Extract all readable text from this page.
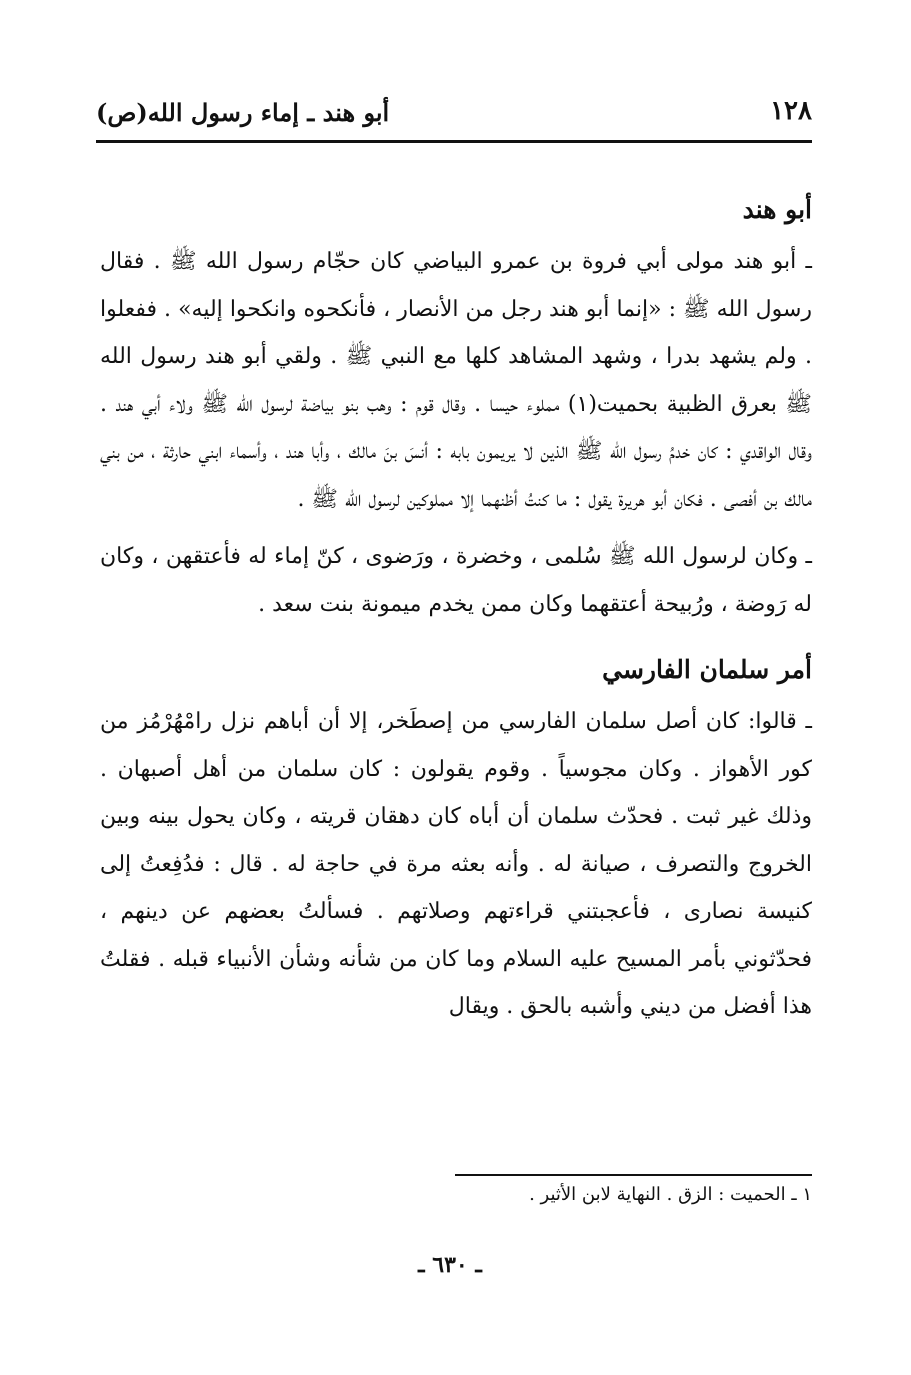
١٢٨
أبو هند ـ إماء رسول الله(ص)
أبو هند

ـ أبو هند مولى أبي فروة بن عمرو البياضي كان حجّام رسول الله ﷺ . فقال رسول الله ﷺ : «إنما أبو هند رجل من الأنصار ، فأنكحوه وانكحوا إليه» . ففعلوا . ولم يشهد بدرا ، وشهد المشاهد كلها مع النبي ﷺ . ولقي أبو هند رسول الله ﷺ بعرق الظبية بحميت(١) مملوء حيسا . وقال قوم : وهب بنو بياضة لرسول الله ﷺ ولاء أبي هند . وقال الواقدي : كان خدمُ رسول الله ﷺ الذين لا يريمون بابه : أنسَ بنَ مالك ، وأبا هند ، وأسماء ابني حارثة ، من بني مالك بن أفصى . فكان أبو هريرة يقول : ما كنتُ أظنهما إلا مملوكين لرسول الله ﷺ .

ـ وكان لرسول الله ﷺ سُلمى ، وخضرة ، ورَضوى ، كنّ إماء له فأعتقهن ، وكان له رَوضة ، ورُبيحة أعتقهما وكان ممن يخدم ميمونة بنت سعد .

أمر سلمان الفارسي

ـ قالوا: كان أصل سلمان الفارسي من إصطَخر، إلا أن أباهم نزل رامْهُرْمُز من كور الأهواز . وكان مجوسياً . وقوم يقولون : كان سلمان من أهل أصبهان . وذلك غير ثبت . فحدّث سلمان أن أباه كان دهقان قريته ، وكان يحول بينه وبين الخروج والتصرف ، صيانة له . وأنه بعثه مرة في حاجة له . قال : فدُفِعتُ إلى كنيسة نصارى ، فأعجبتني قراءتهم وصلاتهم . فسألتُ بعضهم عن دينهم ، فحدّثوني بأمر المسيح عليه السلام وما كان من شأنه وشأن الأنبياء قبله . فقلتُ هذا أفضل من ديني وأشبه بالحق . ويقال

١ ـ الحميت : الزق . النهاية لابن الأثير .
ـ ٦٣٠ ـ
